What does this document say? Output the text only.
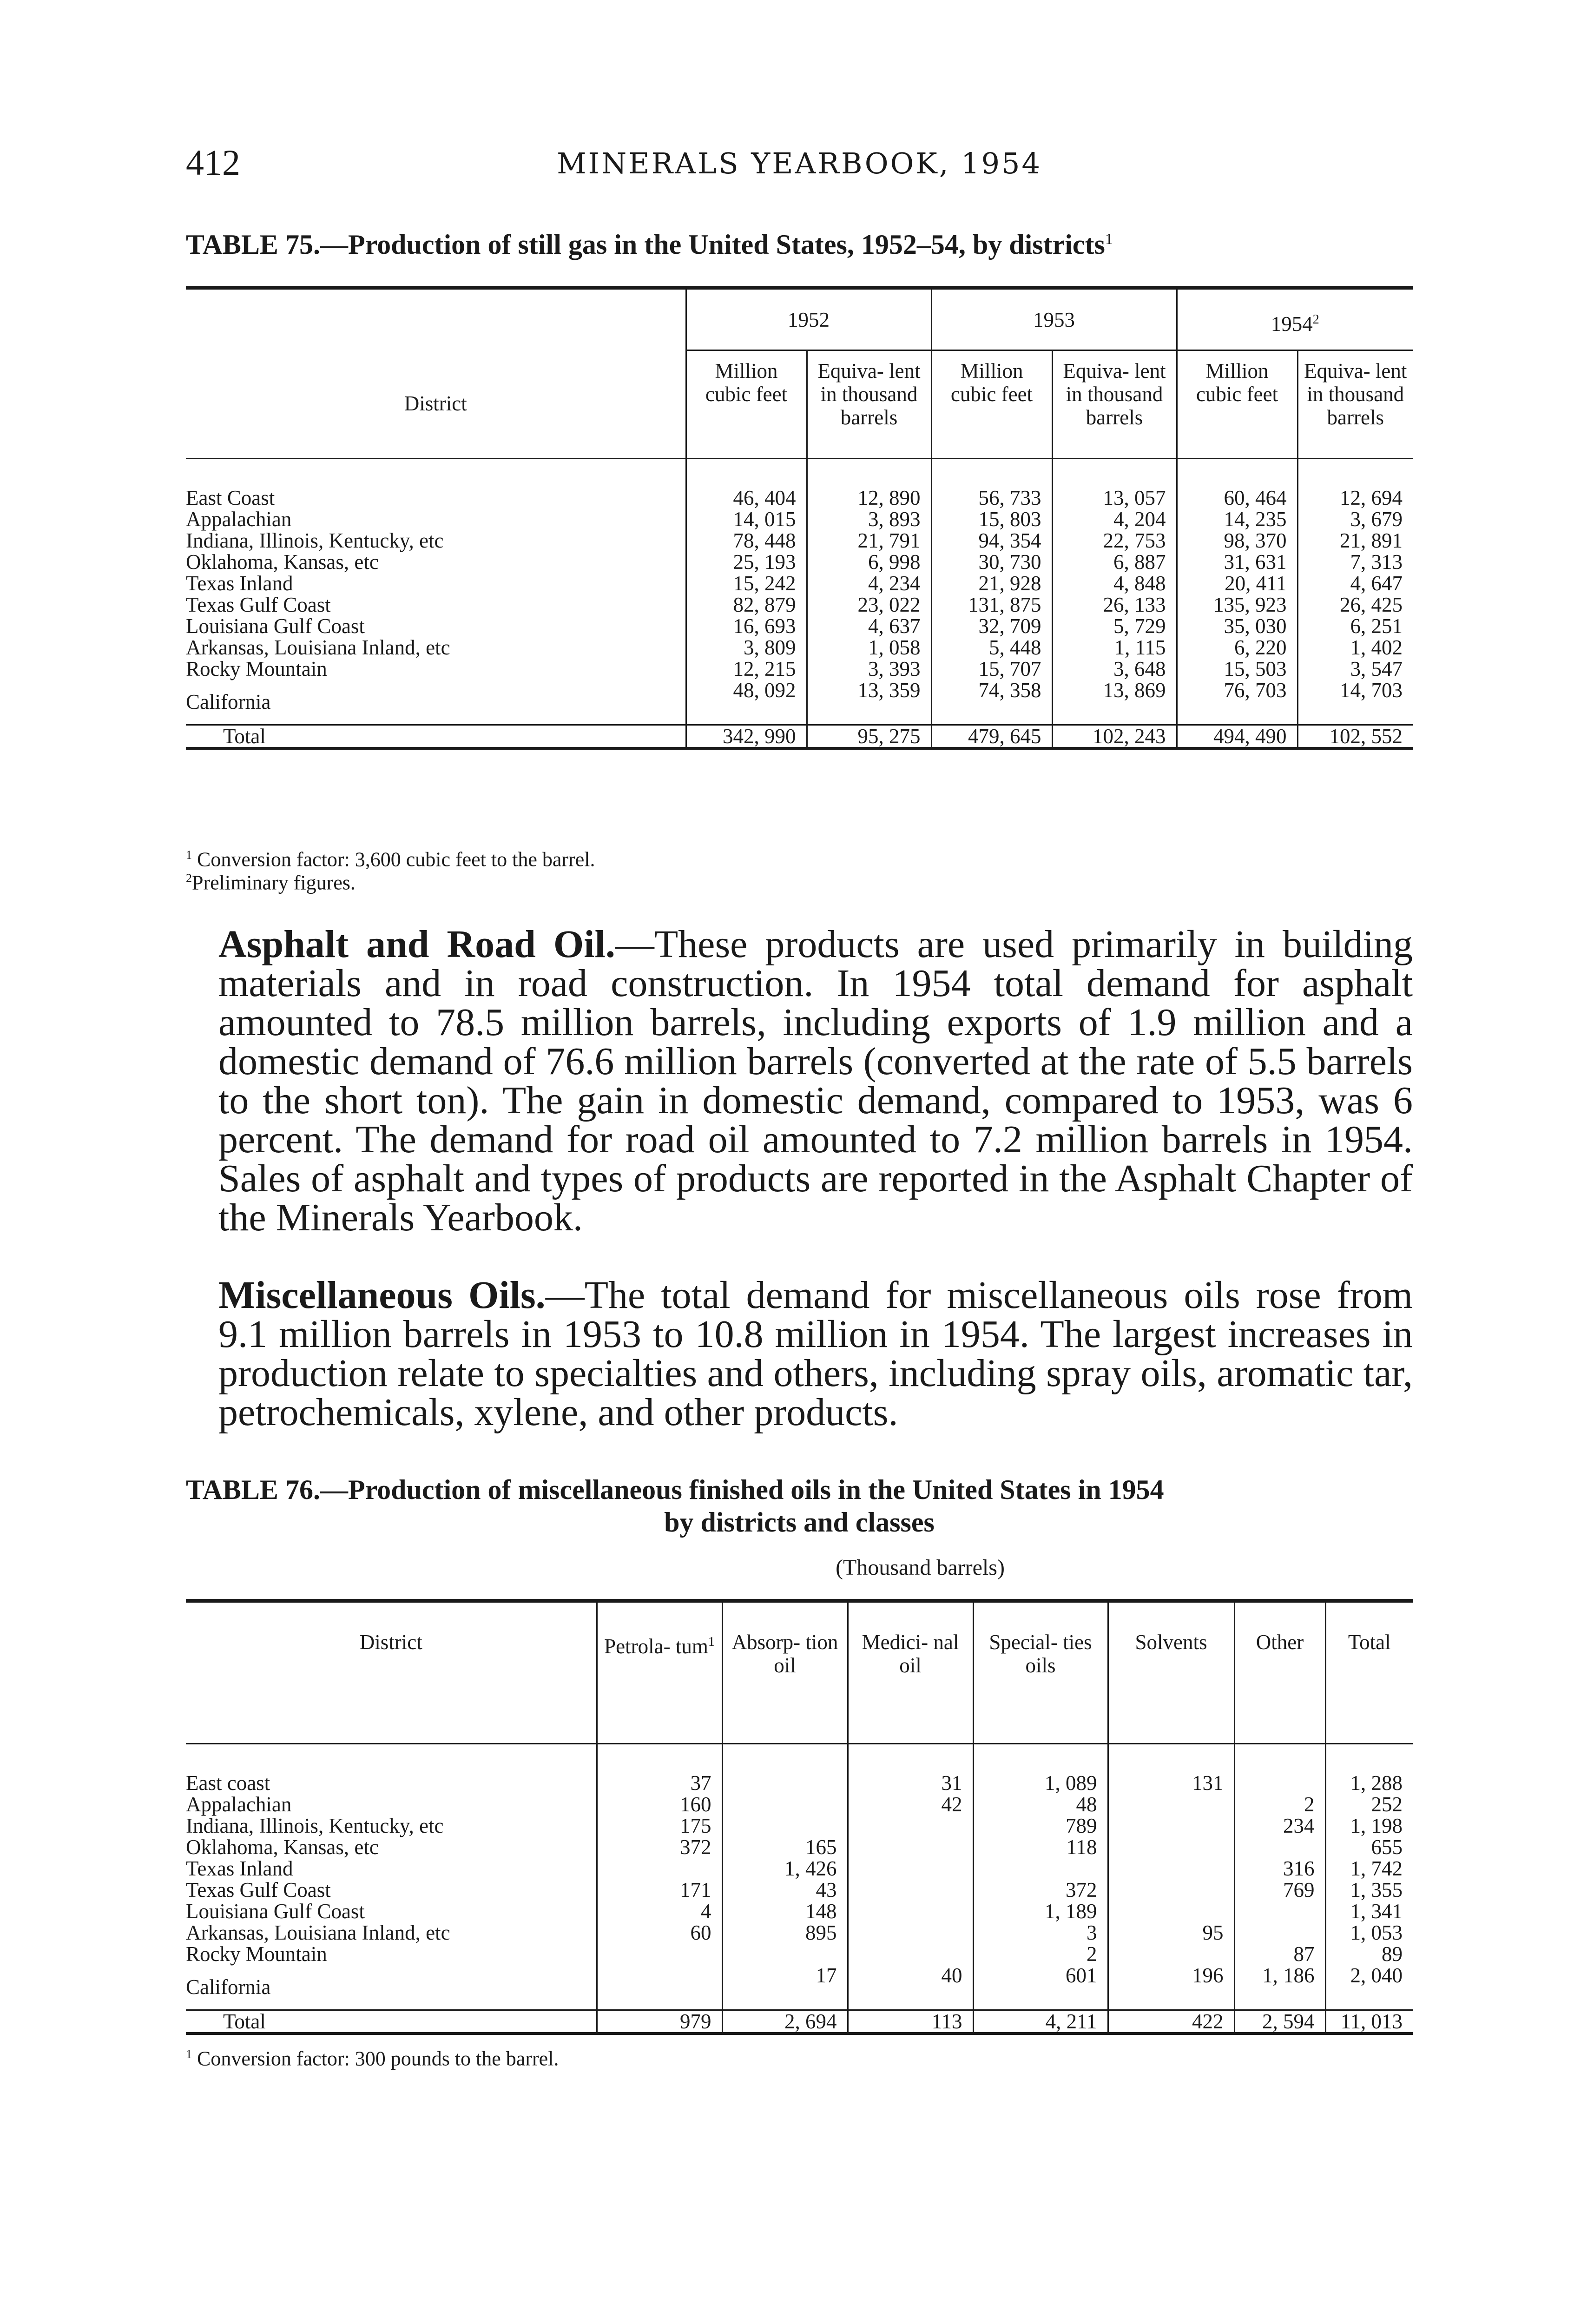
412	MINERALS YEARBOOK, 1954
TABLE 75.—Production of still gas in the United States, 1952–54, by districts$^1$
District	1952		1953		1954$^2$
	Million cubic feet	Equiva- lent in thousand barrels	Million cubic feet	Equiva- lent in thousand barrels	Million cubic feet	Equiva- lent in thousand barrels
East Coast	46, 404	12, 890	56, 733	13, 057	60, 464	12, 694
Appalachian	14, 015	3, 893	15, 803	4, 204	14, 235	3, 679
Indiana, Illinois, Kentucky, etc	78, 448	21, 791	94, 354	22, 753	98, 370	21, 891
Oklahoma, Kansas, etc	25, 193	6, 998	30, 730	6, 887	31, 631	7, 313
Texas Inland	15, 242	4, 234	21, 928	4, 848	20, 411	4, 647
Texas Gulf Coast	82, 879	23, 022	131, 875	26, 133	135, 923	26, 425
Louisiana Gulf Coast	16, 693	4, 637	32, 709	5, 729	35, 030	6, 251
Arkansas, Louisiana Inland, etc	3, 809	1, 058	5, 448	1, 115	6, 220	1, 402
Rocky Mountain	12, 215	3, 393	15, 707	3, 648	15, 503	3, 547
California	48, 092	13, 359	74, 358	13, 869	76, 703	14, 703
Total	342, 990	95, 275	479, 645	102, 243	494, 490	102, 552
$^1$ Conversion factor: 3,600 cubic feet to the barrel.
$^2$Preliminary figures.
Asphalt and Road Oil.—These products are used primarily in building materials and in road construction. In 1954 total demand for asphalt amounted to 78.5 million barrels, including exports of 1.9 million and a domestic demand of 76.6 million barrels (converted at the rate of 5.5 barrels to the short ton). The gain in domestic demand, compared to 1953, was 6 percent. The demand for road oil amounted to 7.2 million barrels in 1954. Sales of asphalt and types of products are reported in the Asphalt Chapter of the Minerals Yearbook.
Miscellaneous Oils.—The total demand for miscellaneous oils rose from 9.1 million barrels in 1953 to 10.8 million in 1954. The largest increases in production relate to specialties and others, including spray oils, aromatic tar, petrochemicals, xylene, and other products.
TABLE 76.—Production of miscellaneous finished oils in the United States in 1954
by districts and classes
(Thousand barrels)
District	Petrola- tum$^1$	Absorp- tion oil	Medici- nal oil	Special- ties oils	Solvents	Other	Total
East coast	37		31	1, 089	131		1, 288
Appalachian	160		42	48		2	252
Indiana, Illinois, Kentucky, etc	175			789		234	1, 198
Oklahoma, Kansas, etc	372	165		118			655
Texas Inland		1, 426				316	1, 742
Texas Gulf Coast	171	43		372		769	1, 355
Louisiana Gulf Coast	4	148		1, 189			1, 341
Arkansas, Louisiana Inland, etc	60	895		3	95		1, 053
Rocky Mountain				2		87	89
California		17	40	601	196	1, 186	2, 040
Total	979	2, 694	113	4, 211	422	2, 594	11, 013
$^1$ Conversion factor: 300 pounds to the barrel.
